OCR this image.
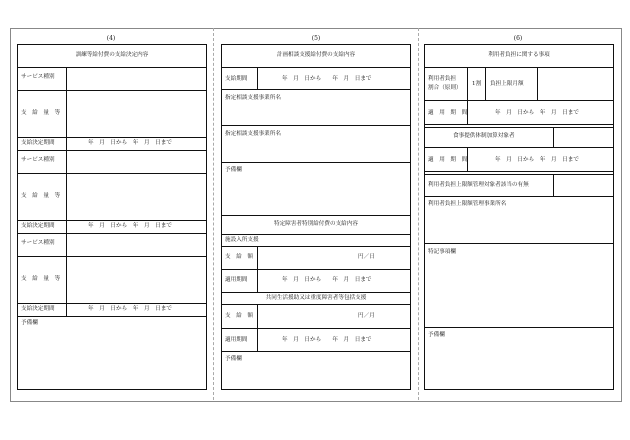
(4)	(5)	(6)
訓練等給付費の支給決定内容
サービス種別
支　給　量　等
支給決定期間	年　月　日から　年　月　日まで
サービス種別
支　給　量　等
支給決定期間	年　月　日から　年　月　日まで
サービス種別
支　給　量　等
支給決定期間	年　月　日から　年　月　日まで
予備欄
計画相談支援給付費の支給内容
支給期間	年　月　日から　　年　月　日まで
指定相談支援事業所名
指定相談支援事業所名
予備欄
特定障害者特別給付費の支給内容
施設入所支援
支　給　額	円／日
適用期間	年　月　日から　　年　月　日まで
共同生活援助又は重度障害者等包括支援
支　給　額	円／月
適用期間	年　月　日から　　年　月　日まで
予備欄
利用者負担に関する事項
利用者負担
割合（原則）
1割 負担上限月額
適　用　期　間	年　月　日から　年　月　日まで
食事提供体制加算対象者
適　用　期　間	年　月　日から　年　月　日まで
利用者負担上限額管理対象者該当の有無
利用者負担上限額管理事業所名
特記事項欄
予備欄
